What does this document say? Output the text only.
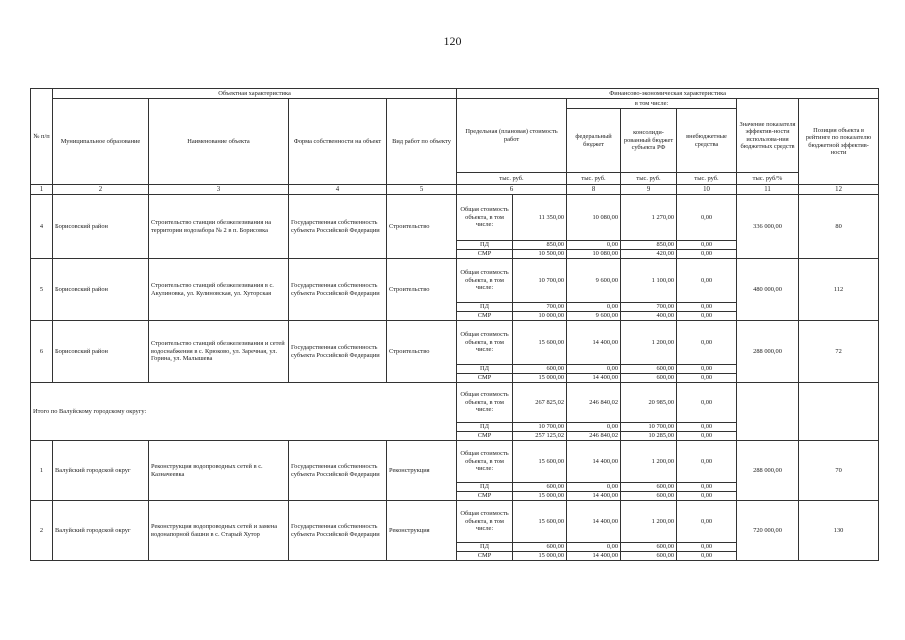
120
№ п/п	Объектная характеристика				Финансово-экономическая характеристика						
	Муниципальное образование	Наименование объекта	Форма собственности на объект	Вид работ по объекту	Предельная (плановая) стоимость работ		в том числе:			Значение показателя эффектив-ности использова-ния бюджетных средств	Позиция объекта в рейтинге по показателю бюджетной эффектив-ности
							федеральный бюджет	консолиди-рованный бюджет субъекта РФ	внебюджетные средства		
					тыс. руб.		тыс. руб.	тыс. руб.	тыс. руб.	тыс. руб/%	
1	2	3	4	5	6		8	9	10	11	12
4	Борисовский район	Строительство станции обезжелезивания на территории водозабора № 2 в п. Борисовка	Государственная собственность субъекта Российской Федерации	Строительство	Общая стоимость объекта, в том числе:	11 350,00	10 080,00	1 270,00	0,00	336 000,00	80
					ПД	850,00	0,00	850,00	0,00		
					СМР	10 500,00	10 080,00	420,00	0,00		
5	Борисовский район	Строительство станций обезжелезивания в с. Акулиновка, ул. Кулиновская, ул. Хуторская	Государственная собственность субъекта Российской Федерации	Строительство	Общая стоимость объекта, в том числе:	10 700,00	9 600,00	1 100,00	0,00	480 000,00	112
					ПД	700,00	0,00	700,00	0,00		
					СМР	10 000,00	9 600,00	400,00	0,00		
6	Борисовский район	Строительство станций обезжелезивания и сетей водоснабжения в с. Крюково, ул. Заречная, ул. Горина, ул. Малышева	Государственная собственность субъекта Российской Федерации	Строительство	Общая стоимость объекта, в том числе:	15 600,00	14 400,00	1 200,00	0,00	288 000,00	72
					ПД	600,00	0,00	600,00	0,00		
					СМР	15 000,00	14 400,00	600,00	0,00		
Итого по Валуйскому городскому округу:					Общая стоимость объекта, в том числе:	267 825,02	246 840,02	20 985,00	0,00		
					ПД	10 700,00	0,00	10 700,00	0,00		
					СМР	257 125,02	246 840,02	10 285,00	0,00		
1	Валуйский городской округ	Реконструкция водопроводных сетей в с. Казначеевка	Государственная собственность субъекта Российской Федерации	Реконструкция	Общая стоимость объекта, в том числе:	15 600,00	14 400,00	1 200,00	0,00	288 000,00	70
					ПД	600,00	0,00	600,00	0,00		
					СМР	15 000,00	14 400,00	600,00	0,00		
2	Валуйский городской округ	Реконструкция водопроводных сетей и замена водонапорной башни в с. Старый Хутор	Государственная собственность субъекта Российской Федерации	Реконструкция	Общая стоимость объекта, в том числе:	15 600,00	14 400,00	1 200,00	0,00	720 000,00	130
					ПД	600,00	0,00	600,00	0,00		
					СМР	15 000,00	14 400,00	600,00	0,00		
